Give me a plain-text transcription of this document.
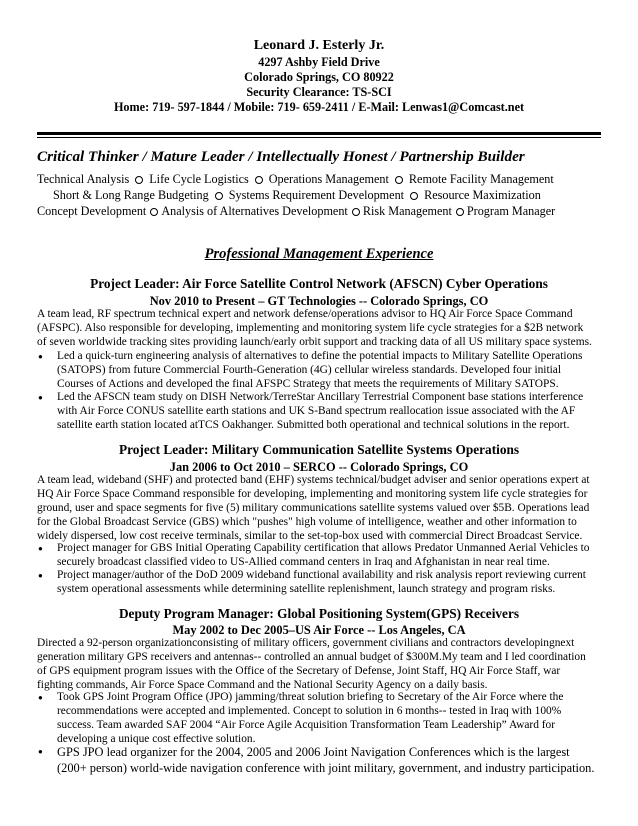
Leonard J. Esterly Jr.
4297 Ashby Field Drive
Colorado Springs, CO 80922
Security Clearance: TS-SCI
Home: 719- 597-1844 / Mobile: 719- 659-2411 / E-Mail: Lenwas1@Comcast.net
Critical Thinker / Mature Leader / Intellectually Honest / Partnership Builder
Technical Analysis Life Cycle Logistics Operations Management Remote Facility Management
Short & Long Range Budgeting Systems Requirement Development Resource Maximization
Concept Development Analysis of Alternatives Development Risk Management Program Manager
Professional Management Experience
Project Leader: Air Force Satellite Control Network (AFSCN) Cyber Operations
Nov 2010 to Present – GT Technologies -- Colorado Springs, CO
A team lead, RF spectrum technical expert and network defense/operations advisor to HQ Air Force Space Command
(AFSPC). Also responsible for developing, implementing and monitoring system life cycle strategies for a $2B network
of seven worldwide tracking sites providing launch/early orbit support and tracking data of all US military space systems.
● Led a quick-turn engineering analysis of alternatives to define the potential impacts to Military Satellite Operations
(SATOPS) from future Commercial Fourth-Generation (4G) cellular wireless standards. Developed four initial
Courses of Actions and developed the final AFSPC Strategy that meets the requirements of Military SATOPS.
● Led the AFSCN team study on DISH Network/TerreStar Ancillary Terrestrial Component base stations interference
with Air Force CONUS satellite earth stations and UK S-Band spectrum reallocation issue associated with the AF
satellite earth station located atTCS Oakhanger. Submitted both operational and technical solutions in the report.
Project Leader: Military Communication Satellite Systems Operations
Jan 2006 to Oct 2010 – SERCO -- Colorado Springs, CO
A team lead, wideband (SHF) and protected band (EHF) systems technical/budget adviser and senior operations expert at
HQ Air Force Space Command responsible for developing, implementing and monitoring system life cycle strategies for
ground, user and space segments for five (5) military communications satellite systems valued over $5B. Operations lead
for the Global Broadcast Service (GBS) which "pushes" high volume of intelligence, weather and other information to
widely dispersed, low cost receive terminals, similar to the set-top-box used with commercial Direct Broadcast Service.
● Project manager for GBS Initial Operating Capability certification that allows Predator Unmanned Aerial Vehicles to
securely broadcast classified video to US-Allied command centers in Iraq and Afghanistan in near real time.
● Project manager/author of the DoD 2009 wideband functional availability and risk analysis report reviewing current
system operational assessments while determining satellite replenishment, launch strategy and program risks.
Deputy Program Manager: Global Positioning System(GPS) Receivers
May 2002 to Dec 2005–US Air Force -- Los Angeles, CA
Directed a 92-person organizationconsisting of military officers, government civilians and contractors developingnext
generation military GPS receivers and antennas-- controlled an annual budget of $300M.My team and I led coordination
of GPS equipment program issues with the Office of the Secretary of Defense, Joint Staff, HQ Air Force Staff, war
fighting commands, Air Force Space Command and the National Security Agency on a daily basis.
● Took GPS Joint Program Office (JPO) jamming/threat solution briefing to Secretary of the Air Force where the
recommendations were accepted and implemented. Concept to solution in 6 months-- tested in Iraq with 100%
success. Team awarded SAF 2004 “Air Force Agile Acquisition Transformation Team Leadership” Award for
developing a unique cost effective solution.
● GPS JPO lead organizer for the 2004, 2005 and 2006 Joint Navigation Conferences which is the largest
(200+ person) world-wide navigation conference with joint military, government, and industry participation.
